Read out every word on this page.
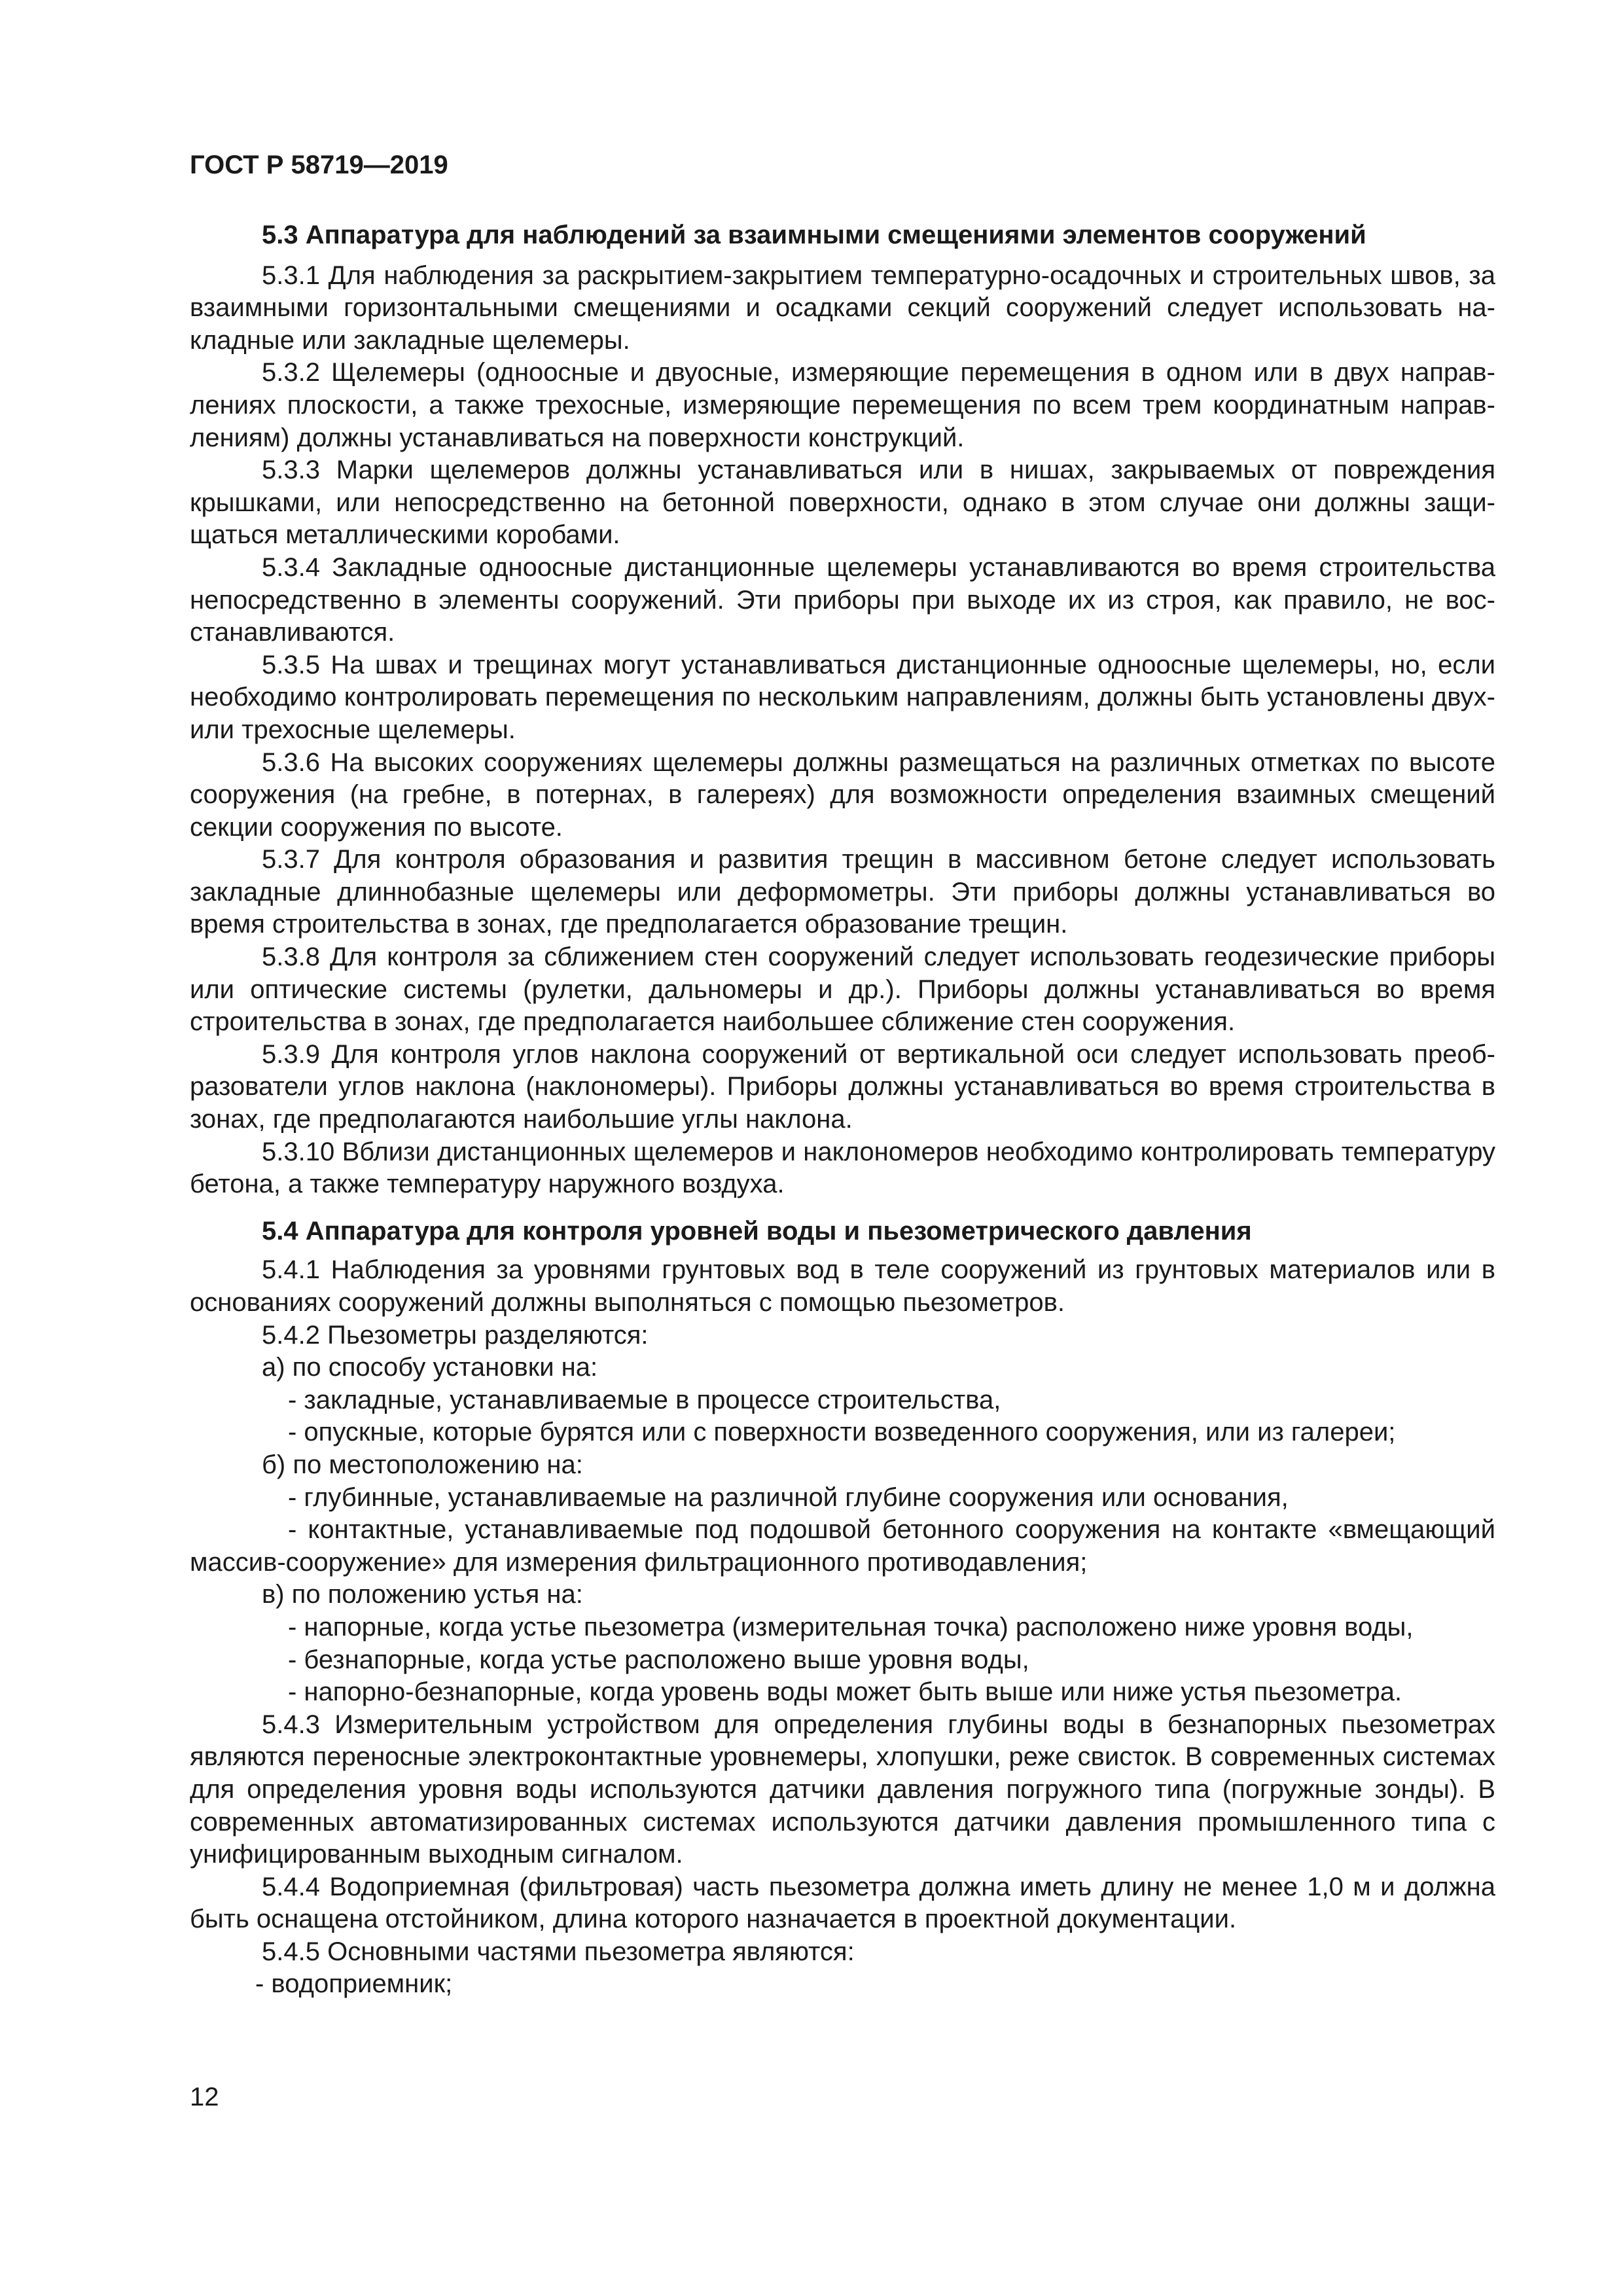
ГОСТ Р 58719—2019
5.3 Аппаратура для наблюдений за взаимными смещениями элементов сооружений

5.3.1 Для наблюдения за раскрытием-закрытием температурно-осадочных и строительных швов, за взаимными горизонтальными смещениями и осадками секций сооружений следует использовать накладные или закладные щелемеры.

5.3.2 Щелемеры (одноосные и двуосные, измеряющие перемещения в одном или в двух направлениях плоскости, а также трехосные, измеряющие перемещения по всем трем координатным направлениям) должны устанавливаться на поверхности конструкций.

5.3.3 Марки щелемеров должны устанавливаться или в нишах, закрываемых от повреждения крышками, или непосредственно на бетонной поверхности, однако в этом случае они должны защищаться металлическими коробами.

5.3.4 Закладные одноосные дистанционные щелемеры устанавливаются во время строительства непосредственно в элементы сооружений. Эти приборы при выходе их из строя, как правило, не восстанавливаются.

5.3.5 На швах и трещинах могут устанавливаться дистанционные одноосные щелемеры, но, если необходимо контролировать перемещения по нескольким направлениям, должны быть установлены двух- или трехосные щелемеры.

5.3.6 На высоких сооружениях щелемеры должны размещаться на различных отметках по высоте сооружения (на гребне, в потернах, в галереях) для возможности определения взаимных смещений секции сооружения по высоте.

5.3.7 Для контроля образования и развития трещин в массивном бетоне следует использовать закладные длиннобазные щелемеры или деформометры. Эти приборы должны устанавливаться во время строительства в зонах, где предполагается образование трещин.

5.3.8 Для контроля за сближением стен сооружений следует использовать геодезические приборы или оптические системы (рулетки, дальномеры и др.). Приборы должны устанавливаться во время строительства в зонах, где предполагается наибольшее сближение стен сооружения.

5.3.9 Для контроля углов наклона сооружений от вертикальной оси следует использовать преобразователи углов наклона (наклономеры). Приборы должны устанавливаться во время строительства в зонах, где предполагаются наибольшие углы наклона.

5.3.10 Вблизи дистанционных щелемеров и наклономеров необходимо контролировать температуру бетона, а также температуру наружного воздуха.

5.4 Аппаратура для контроля уровней воды и пьезометрического давления

5.4.1 Наблюдения за уровнями грунтовых вод в теле сооружений из грунтовых материалов или в основаниях сооружений должны выполняться с помощью пьезометров.

5.4.2 Пьезометры разделяются:

а) по способу установки на:

- закладные, устанавливаемые в процессе строительства,

- опускные, которые бурятся или с поверхности возведенного сооружения, или из галереи;

б) по местоположению на:

- глубинные, устанавливаемые на различной глубине сооружения или основания,

- контактные, устанавливаемые под подошвой бетонного сооружения на контакте «вмещающий массив-сооружение» для измерения фильтрационного противодавления;

в) по положению устья на:

- напорные, когда устье пьезометра (измерительная точка) расположено ниже уровня воды,

- безнапорные, когда устье расположено выше уровня воды,

- напорно-безнапорные, когда уровень воды может быть выше или ниже устья пьезометра.

5.4.3 Измерительным устройством для определения глубины воды в безнапорных пьезометрах являются переносные электроконтактные уровнемеры, хлопушки, реже свисток. В современных системах для определения уровня воды используются датчики давления погружного типа (погружные зонды). В современных автоматизированных системах используются датчики давления промышленного типа с унифицированным выходным сигналом.

5.4.4 Водоприемная (фильтровая) часть пьезометра должна иметь длину не менее 1,0 м и должна быть оснащена отстойником, длина которого назначается в проектной документации.

5.4.5 Основными частями пьезометра являются:

- водоприемник;

12
